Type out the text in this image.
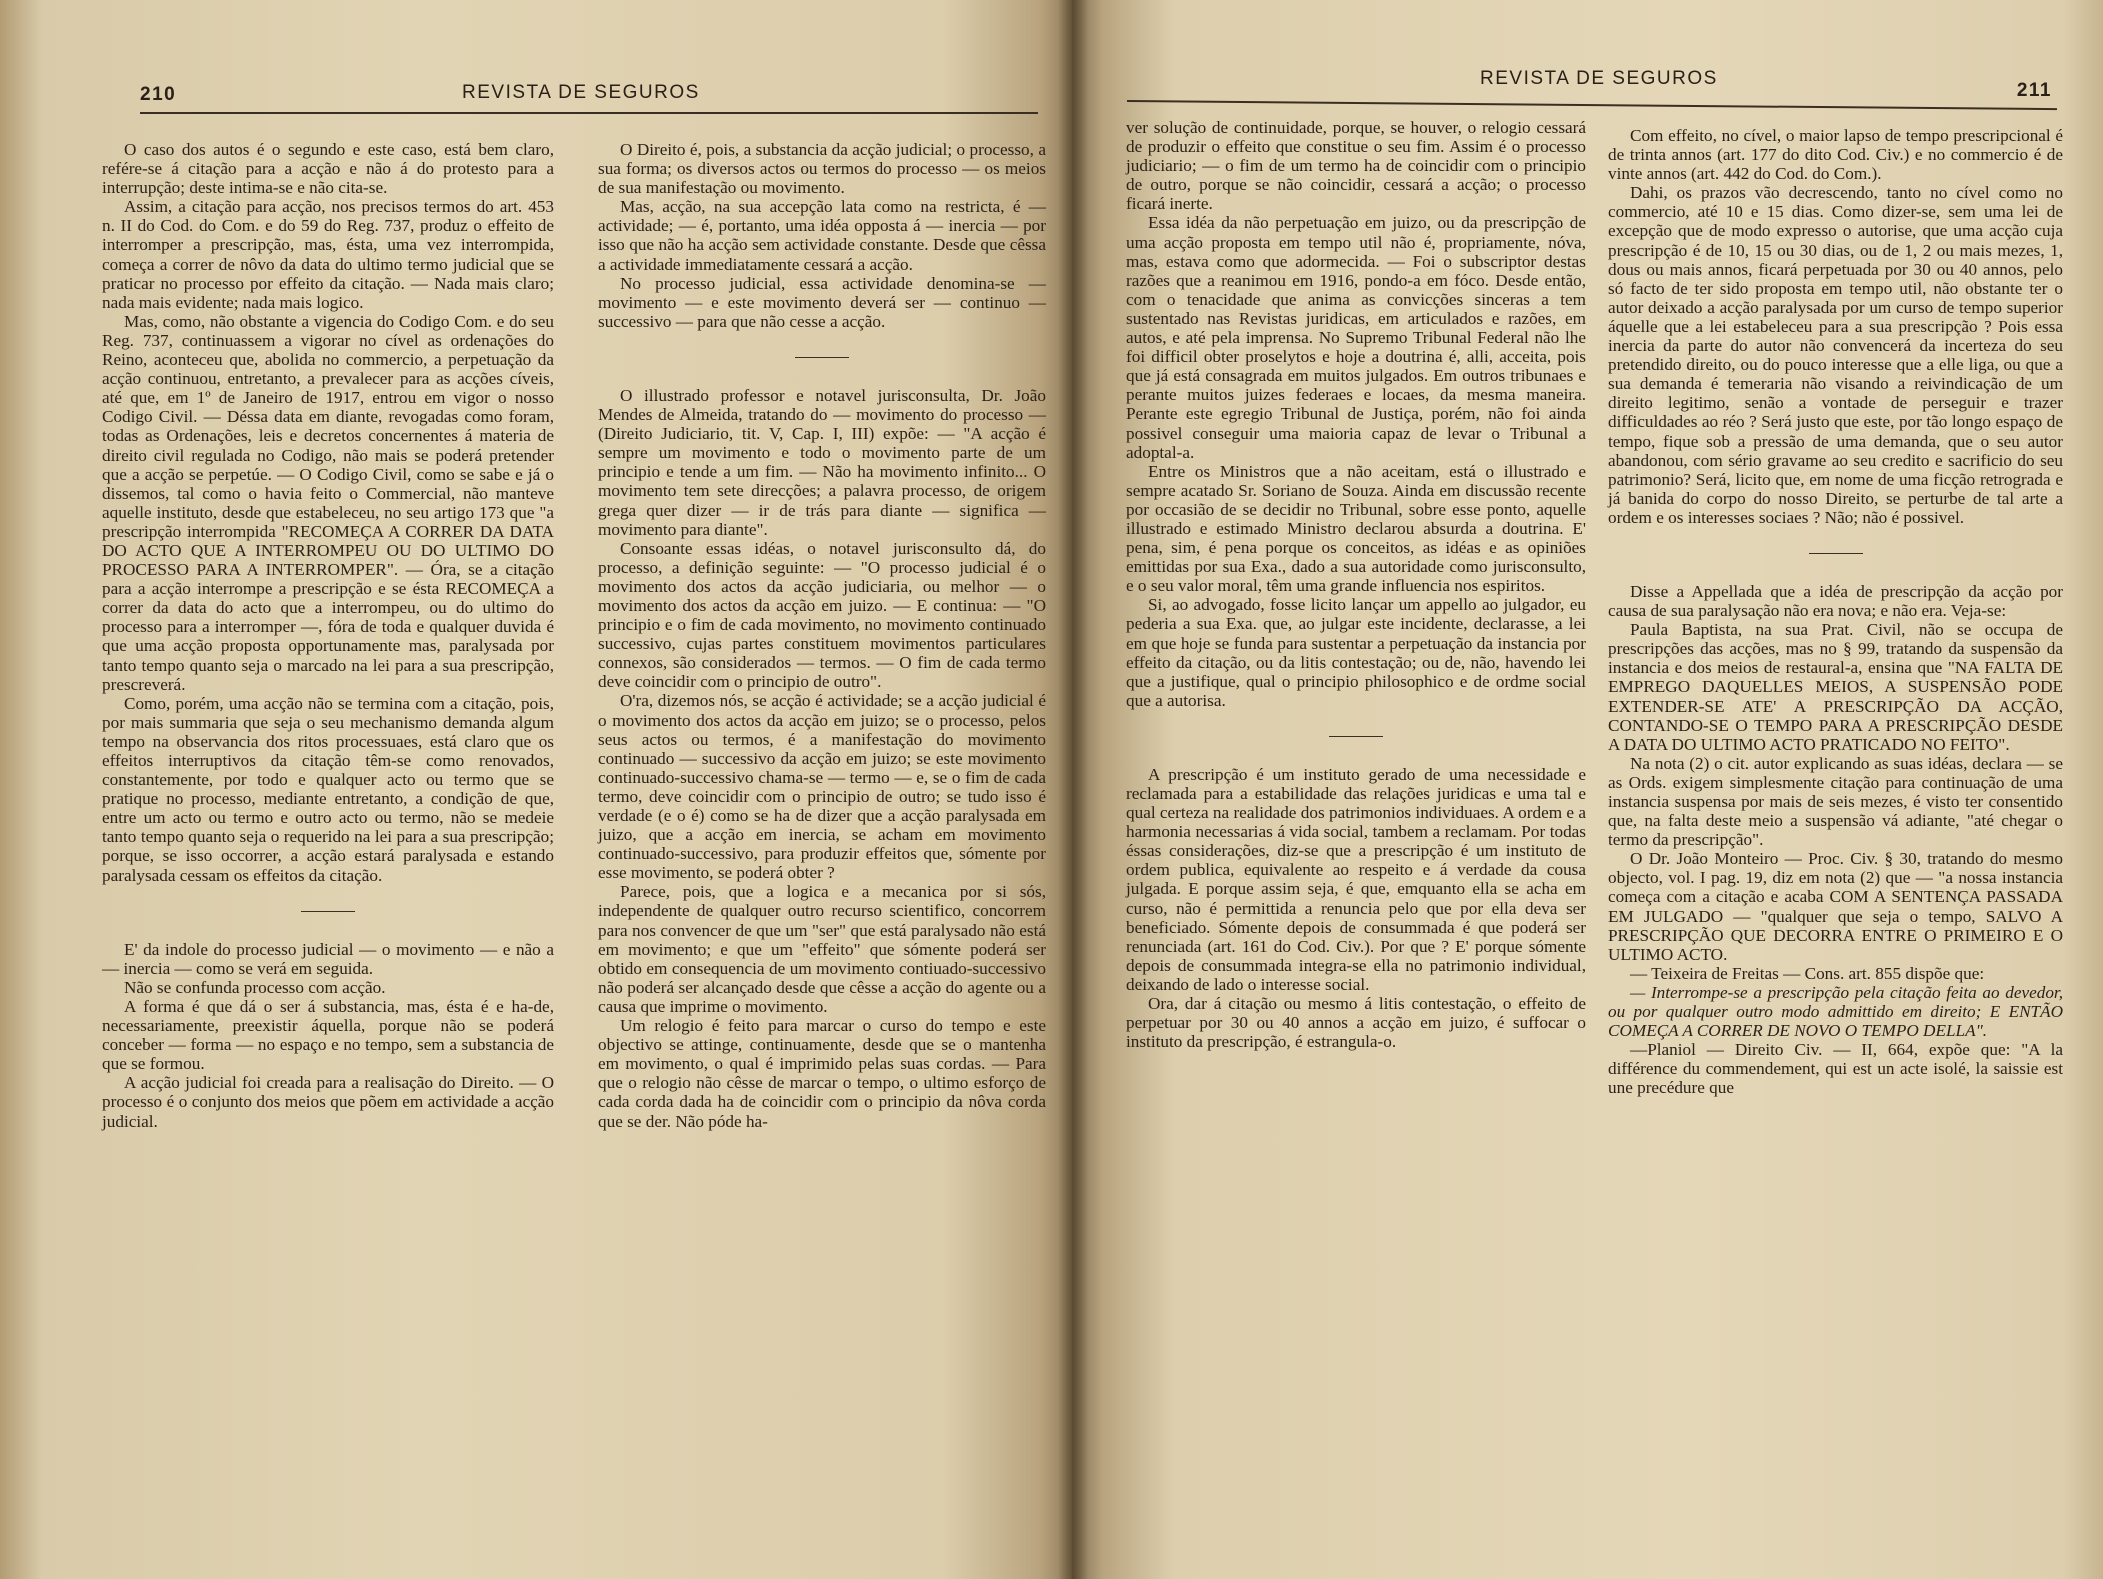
210	REVISTA DE SEGUROS

O caso dos autos é o segundo e este caso, está bem claro, refére-se á citação para a acção e não á do protesto para a interrupção; deste intima-se e não cita-se.

Assim, a citação para acção, nos precisos termos do art. 453 n. II do Cod. do Com. e do 59 do Reg. 737, produz o effeito de interromper a prescripção, mas, ésta, uma vez interrompida, começa a correr de nôvo da data do ultimo termo judicial que se praticar no processo por effeito da citação. — Nada mais claro; nada mais evidente; nada mais logico.

Mas, como, não obstante a vigencia do Codigo Com. e do seu Reg. 737, continuassem a vigorar no cível as ordenações do Reino, aconteceu que, abolida no commercio, a perpetuação da acção continuou, entretanto, a prevalecer para as acções cíveis, até que, em 1º de Janeiro de 1917, entrou em vigor o nosso Codigo Civil. — Déssa data em diante, revogadas como foram, todas as Ordenações, leis e decretos concernentes á materia de direito civil regulada no Codigo, não mais se poderá pretender que a acção se perpetúe. — O Codigo Civil, como se sabe e já o dissemos, tal como o havia feito o Commercial, não manteve aquelle instituto, desde que estabeleceu, no seu artigo 173 que "a prescripção interrompida "RECOMEÇA A CORRER DA DATA DO ACTO QUE A INTERROMPEU OU DO ULTIMO DO PROCESSO PARA A INTERROMPER". — Óra, se a citação para a acção interrompe a prescripção e se ésta RECOMEÇA a correr da data do acto que a interrompeu, ou do ultimo do processo para a interromper —, fóra de toda e qualquer duvida é que uma acção proposta opportunamente mas, paralysada por tanto tempo quanto seja o marcado na lei para a sua prescripção, prescreverá.

Como, porém, uma acção não se termina com a citação, pois, por mais summaria que seja o seu mechanismo demanda algum tempo na observancia dos ritos processuaes, está claro que os effeitos interruptivos da citação têm-se como renovados, constantemente, por todo e qualquer acto ou termo que se pratique no processo, mediante entretanto, a condição de que, entre um acto ou termo e outro acto ou termo, não se medeie tanto tempo quanto seja o requerido na lei para a sua prescripção; porque, se isso occorrer, a acção estará paralysada e estando paralysada cessam os effeitos da citação.

E' da indole do processo judicial — o movimento — e não a — inercia — como se verá em seguida.

Não se confunda processo com acção.

A forma é que dá o ser á substancia, mas, ésta é e ha-de, necessariamente, preexistir áquella, porque não se poderá conceber — forma — no espaço e no tempo, sem a substancia de que se formou.

A acção judicial foi creada para a realisação do Direito. — O processo é o conjunto dos meios que põem em actividade a acção judicial.

O Direito é, pois, a substancia da acção judicial; o processo, a sua forma; os diversos actos ou termos do processo — os meios de sua manifestação ou movimento.

Mas, acção, na sua accepção lata como na restricta, é — actividade; — é, portanto, uma idéa opposta á — inercia — por isso que não ha acção sem actividade constante. Desde que cêssa a actividade immediatamente cessará a acção.

No processo judicial, essa actividade denomina-se — movimento — e este movimento deverá ser — continuo — successivo — para que não cesse a acção.

O illustrado professor e notavel jurisconsulta, Dr. João Mendes de Almeida, tratando do — movimento do processo — (Direito Judiciario, tit. V, Cap. I, III) expõe: — "A acção é sempre um movimento e todo o movimento parte de um principio e tende a um fim. — Não ha movimento infinito... O movimento tem sete direcções; a palavra processo, de origem grega quer dizer — ir de trás para diante — significa — movimento para diante".

Consoante essas idéas, o notavel jurisconsulto dá, do processo, a definição seguinte: — "O processo judicial é o movimento dos actos da acção judiciaria, ou melhor — o movimento dos actos da acção em juizo. — E continua: — "O principio e o fim de cada movimento, no movimento continuado successivo, cujas partes constituem movimentos particulares connexos, são considerados — termos. — O fim de cada termo deve coincidir com o principio de outro".

O'ra, dizemos nós, se acção é actividade; se a acção judicial é o movimento dos actos da acção em juizo; se o processo, pelos seus actos ou termos, é a manifestação do movimento continuado — successivo da acção em juizo; se este movimento continuado-successivo chama-se — termo — e, se o fim de cada termo, deve coincidir com o principio de outro; se tudo isso é verdade (e o é) como se ha de dizer que a acção paralysada em juizo, que a acção em inercia, se acham em movimento continuado-successivo, para produzir effeitos que, sómente por esse movimento, se poderá obter ?

Parece, pois, que a logica e a mecanica por si sós, independente de qualquer outro recurso scientifico, concorrem para nos convencer de que um "ser" que está paralysado não está em movimento; e que um "effeito" que sómente poderá ser obtido em consequencia de um movimento contiuado-successivo não poderá ser alcançado desde que cêsse a acção do agente ou a causa que imprime o movimento.

Um relogio é feito para marcar o curso do tempo e este objectivo se attinge, continuamente, desde que se o mantenha em movimento, o qual é imprimido pelas suas cordas. — Para que o relogio não cêsse de marcar o tempo, o ultimo esforço de cada corda dada ha de coincidir com o principio da nôva corda que se der. Não póde ha-

REVISTA DE SEGUROS
211

ver solução de continuidade, porque, se houver, o relogio cessará de produzir o effeito que constitue o seu fim. Assim é o processo judiciario; — o fim de um termo ha de coincidir com o principio de outro, porque se não coincidir, cessará a acção; o processo ficará inerte.

Essa idéa da não perpetuação em juizo, ou da prescripção de uma acção proposta em tempo util não é, propriamente, nóva, mas, estava como que adormecida. — Foi o subscriptor destas razões que a reanimou em 1916, pondo-a em fóco. Desde então, com o tenacidade que anima as convicções sinceras a tem sustentado nas Revistas juridicas, em articulados e razões, em autos, e até pela imprensa. No Supremo Tribunal Federal não lhe foi difficil obter proselytos e hoje a doutrina é, alli, acceita, pois que já está consagrada em muitos julgados. Em outros tribunaes e perante muitos juizes federaes e locaes, da mesma maneira. Perante este egregio Tribunal de Justiça, porém, não foi ainda possivel conseguir uma maioria capaz de levar o Tribunal a adoptal-a.

Entre os Ministros que a não aceitam, está o illustrado e sempre acatado Sr. Soriano de Souza. Ainda em discussão recente por occasião de se decidir no Tribunal, sobre esse ponto, aquelle illustrado e estimado Ministro declarou absurda a doutrina. E' pena, sim, é pena porque os conceitos, as idéas e as opiniões emittidas por sua Exa., dado a sua autoridade como jurisconsulto, e o seu valor moral, têm uma grande influencia nos espiritos.

Si, ao advogado, fosse licito lançar um appello ao julgador, eu pederia a sua Exa. que, ao julgar este incidente, declarasse, a lei em que hoje se funda para sustentar a perpetuação da instancia por effeito da citação, ou da litis contestação; ou de, não, havendo lei que a justifique, qual o principio philosophico e de ordme social que a autorisa.

A prescripção é um instituto gerado de uma necessidade e reclamada para a estabilidade das relações juridicas e uma tal e qual certeza na realidade dos patrimonios individuaes. A ordem e a harmonia necessarias á vida social, tambem a reclamam. Por todas éssas considerações, diz-se que a prescripção é um instituto de ordem publica, equivalente ao respeito e á verdade da cousa julgada. E porque assim seja, é que, emquanto ella se acha em curso, não é permittida a renuncia pelo que por ella deva ser beneficiado. Sómente depois de consummada é que poderá ser renunciada (art. 161 do Cod. Civ.). Por que ? E' porque sómente depois de consummada integra-se ella no patrimonio individual, deixando de lado o interesse social.

Ora, dar á citação ou mesmo á litis contestação, o effeito de perpetuar por 30 ou 40 annos a acção em juizo, é suffocar o instituto da prescripção, é estrangula-o.

Com effeito, no cível, o maior lapso de tempo prescripcional é de trinta annos (art. 177 do dito Cod. Civ.) e no commercio é de vinte annos (art. 442 do Cod. do Com.).

Dahi, os prazos vão decrescendo, tanto no cível como no commercio, até 10 e 15 dias. Como dizer-se, sem uma lei de excepção que de modo expresso o autorise, que uma acção cuja prescripção é de 10, 15 ou 30 dias, ou de 1, 2 ou mais mezes, 1, dous ou mais annos, ficará perpetuada por 30 ou 40 annos, pelo só facto de ter sido proposta em tempo util, não obstante ter o autor deixado a acção paralysada por um curso de tempo superior áquelle que a lei estabeleceu para a sua prescripção ? Pois essa inercia da parte do autor não convencerá da incerteza do seu pretendido direito, ou do pouco interesse que a elle liga, ou que a sua demanda é temeraria não visando a reivindicação de um direito legitimo, senão a vontade de perseguir e trazer difficuldades ao réo ? Será justo que este, por tão longo espaço de tempo, fique sob a pressão de uma demanda, que o seu autor abandonou, com sério gravame ao seu credito e sacrificio do seu patrimonio? Será, licito que, em nome de uma ficção retrograda e já banida do corpo do nosso Direito, se perturbe de tal arte a ordem e os interesses sociaes ? Não; não é possivel.

Disse a Appellada que a idéa de prescripção da acção por causa de sua paralysação não era nova; e não era. Veja-se:

Paula Baptista, na sua Prat. Civil, não se occupa de prescripções das acções, mas no § 99, tratando da suspensão da instancia e dos meios de restaural-a, ensina que "NA FALTA DE EMPREGO DAQUELLES MEIOS, A SUSPENSÃO PODE EXTENDER-SE ATE' A PRESCRIPÇÃO DA ACÇÃO, CONTANDO-SE O TEMPO PARA A PRESCRIPÇÃO DESDE A DATA DO ULTIMO ACTO PRATICADO NO FEITO".

Na nota (2) o cit. autor explicando as suas idéas, declara — se as Ords. exigem simplesmente citação para continuação de uma instancia suspensa por mais de seis mezes, é visto ter consentido que, na falta deste meio a suspensão vá adiante, "até chegar o termo da prescripção".

O Dr. João Monteiro — Proc. Civ. § 30, tratando do mesmo objecto, vol. I pag. 19, diz em nota (2) que — "a nossa instancia começa com a citação e acaba COM A SENTENÇA PASSADA EM JULGADO — "qualquer que seja o tempo, SALVO A PRESCRIPÇÃO QUE DECORRA ENTRE O PRIMEIRO E O ULTIMO ACTO.

— Teixeira de Freitas — Cons. art. 855 dispõe que:

— Interrompe-se a prescripção pela citação feita ao devedor, ou por qualquer outro modo admittido em direito; E ENTÃO COMEÇA A CORRER DE NOVO O TEMPO DELLA".

—Planiol — Direito Civ. — II, 664, expõe que: "A la différence du commendement, qui est un acte isolé, la saissie est une precédure que
